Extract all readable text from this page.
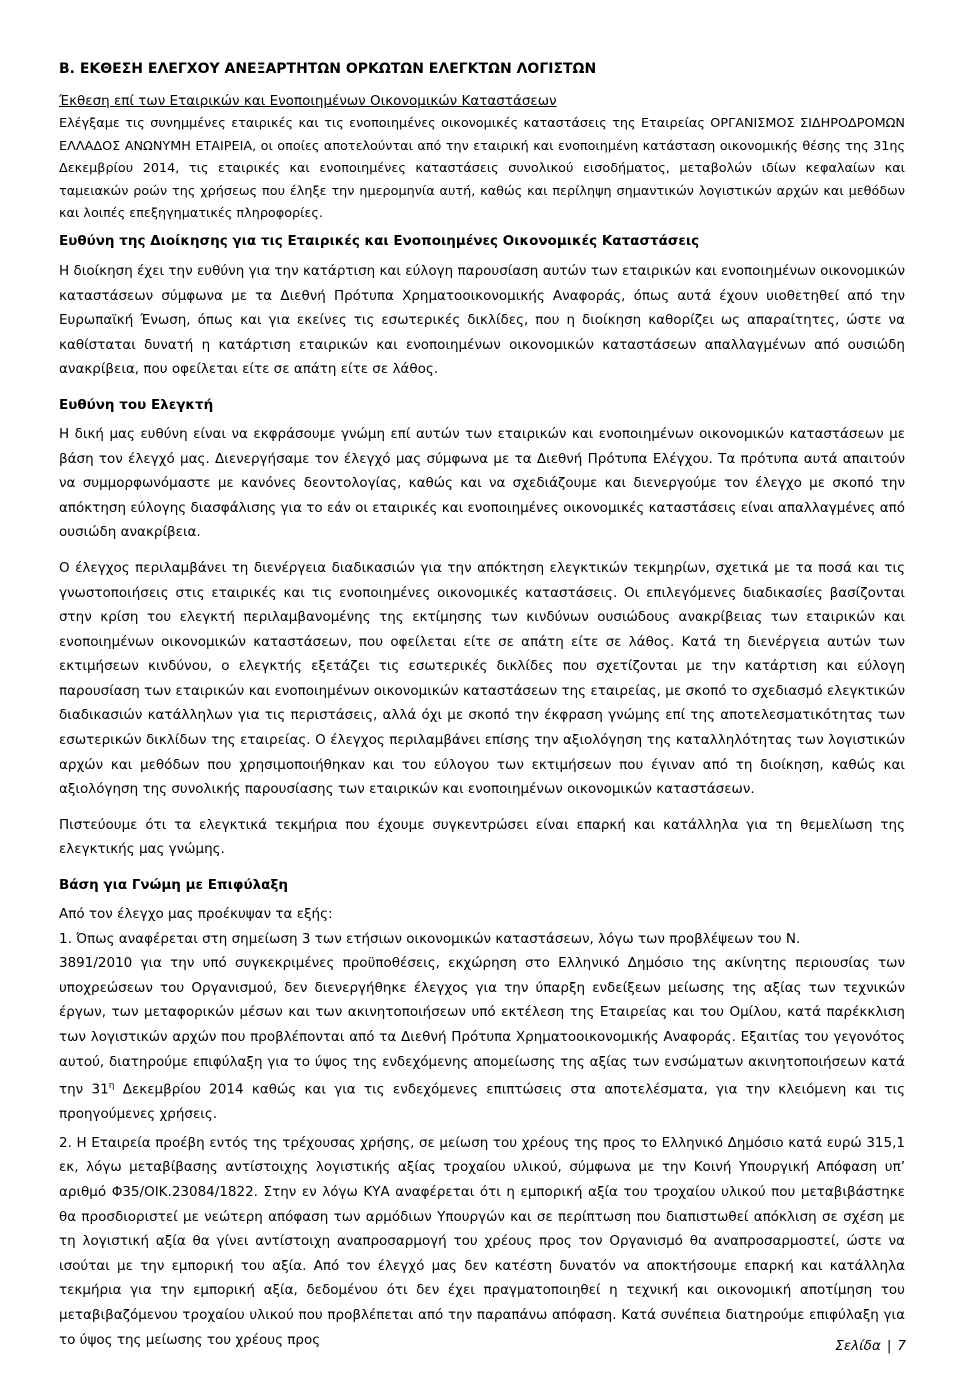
B. ΕΚΘΕΣΗ ΕΛΕΓΧΟΥ ΑΝΕΞΑΡΤΗΤΩΝ ΟΡΚΩΤΩΝ ΕΛΕΓΚΤΩΝ ΛΟΓΙΣΤΩΝ
Έκθεση επί των Εταιρικών και Ενοποιημένων Οικονομικών Καταστάσεων

Ελέγξαμε τις συνημμένες εταιρικές και τις ενοποιημένες οικονομικές καταστάσεις της Εταιρείας ΟΡΓΑΝΙΣΜΟΣ ΣΙΔΗΡΟΔΡΟΜΩΝ ΕΛΛΑΔΟΣ ΑΝΩΝΥΜΗ ΕΤΑΙΡΕΙΑ, οι οποίες αποτελούνται από την εταιρική και ενοποιημένη κατάσταση οικονομικής θέσης της 31ης Δεκεμβρίου 2014, τις εταιρικές και ενοποιημένες καταστάσεις συνολικού εισοδήματος, μεταβολών ιδίων κεφαλαίων και ταμειακών ροών της χρήσεως που έληξε την ημερομηνία αυτή, καθώς και περίληψη σημαντικών λογιστικών αρχών και μεθόδων και λοιπές επεξηγηματικές πληροφορίες.

Ευθύνη της Διοίκησης για τις Εταιρικές και Ενοποιημένες Οικονομικές Καταστάσεις

Η διοίκηση έχει την ευθύνη για την κατάρτιση και εύλογη παρουσίαση αυτών των εταιρικών και ενοποιημένων οικονομικών καταστάσεων σύμφωνα με τα Διεθνή Πρότυπα Χρηματοοικονομικής Αναφοράς, όπως αυτά έχουν υιοθετηθεί από την Ευρωπαϊκή Ένωση, όπως και για εκείνες τις εσωτερικές δικλίδες, που η διοίκηση καθορίζει ως απαραίτητες, ώστε να καθίσταται δυνατή η κατάρτιση εταιρικών και ενοποιημένων οικονομικών καταστάσεων απαλλαγμένων από ουσιώδη ανακρίβεια, που οφείλεται είτε σε απάτη είτε σε λάθος.

Ευθύνη του Ελεγκτή

Η δική μας ευθύνη είναι να εκφράσουμε γνώμη επί αυτών των εταιρικών και ενοποιημένων οικονομικών καταστάσεων με βάση τον έλεγχό μας. Διενεργήσαμε τον έλεγχό μας σύμφωνα με τα Διεθνή Πρότυπα Ελέγχου. Τα πρότυπα αυτά απαιτούν να συμμορφωνόμαστε με κανόνες δεοντολογίας, καθώς και να σχεδιάζουμε και διενεργούμε τον έλεγχο με σκοπό την απόκτηση εύλογης διασφάλισης για το εάν οι εταιρικές και ενοποιημένες οικονομικές καταστάσεις είναι απαλλαγμένες από ουσιώδη ανακρίβεια.

Ο έλεγχος περιλαμβάνει τη διενέργεια διαδικασιών για την απόκτηση ελεγκτικών τεκμηρίων, σχετικά με τα ποσά και τις γνωστοποιήσεις στις εταιρικές και τις ενοποιημένες οικονομικές καταστάσεις. Οι επιλεγόμενες διαδικασίες βασίζονται στην κρίση του ελεγκτή περιλαμβανομένης της εκτίμησης των κινδύνων ουσιώδους ανακρίβειας των εταιρικών και ενοποιημένων οικονομικών καταστάσεων, που οφείλεται είτε σε απάτη είτε σε λάθος. Κατά τη διενέργεια αυτών των εκτιμήσεων κινδύνου, ο ελεγκτής εξετάζει τις εσωτερικές δικλίδες που σχετίζονται με την κατάρτιση και εύλογη παρουσίαση των εταιρικών και ενοποιημένων οικονομικών καταστάσεων της εταιρείας, με σκοπό το σχεδιασμό ελεγκτικών διαδικασιών κατάλληλων για τις περιστάσεις, αλλά όχι με σκοπό την έκφραση γνώμης επί της αποτελεσματικότητας των εσωτερικών δικλίδων της εταιρείας. Ο έλεγχος περιλαμβάνει επίσης την αξιολόγηση της καταλληλότητας των λογιστικών αρχών και μεθόδων που χρησιμοποιήθηκαν και του εύλογου των εκτιμήσεων που έγιναν από τη διοίκηση, καθώς και αξιολόγηση της συνολικής παρουσίασης των εταιρικών και ενοποιημένων οικονομικών καταστάσεων.

Πιστεύουμε ότι τα ελεγκτικά τεκμήρια που έχουμε συγκεντρώσει είναι επαρκή και κατάλληλα για τη θεμελίωση της ελεγκτικής μας γνώμης.

Βάση για Γνώμη με Επιφύλαξη

Από τον έλεγχο μας προέκυψαν τα εξής:

1. Όπως αναφέρεται στη σημείωση 3 των ετήσιων οικονομικών καταστάσεων, λόγω των προβλέψεων του Ν.

3891/2010 για την υπό συγκεκριμένες προϋποθέσεις, εκχώρηση στο Ελληνικό Δημόσιο της ακίνητης περιουσίας των υποχρεώσεων του Οργανισμού, δεν διενεργήθηκε έλεγχος για την ύπαρξη ενδείξεων μείωσης της αξίας των τεχνικών έργων, των μεταφορικών μέσων και των ακινητοποιήσεων υπό εκτέλεση της Εταιρείας και του Ομίλου, κατά παρέκκλιση των λογιστικών αρχών που προβλέπονται από τα Διεθνή Πρότυπα Χρηματοοικονομικής Αναφοράς. Εξαιτίας του γεγονότος αυτού, διατηρούμε επιφύλαξη για το ύψος της ενδεχόμενης απομείωσης της αξίας των ενσώματων ακινητοποιήσεων κατά την $31^\eta$ Δεκεμβρίου 2014 καθώς και για τις ενδεχόμενες επιπτώσεις στα αποτελέσματα, για την κλειόμενη και τις προηγούμενες χρήσεις.

2. Η Εταιρεία προέβη εντός της τρέχουσας χρήσης, σε μείωση του χρέους της προς το Ελληνικό Δημόσιο κατά ευρώ 315,1 εκ, λόγω μεταβίβασης αντίστοιχης λογιστικής αξίας τροχαίου υλικού, σύμφωνα με την Κοινή Υπουργική Απόφαση υπ’ αριθμό Φ35/ΟΙΚ.23084/1822. Στην εν λόγω ΚΥΑ αναφέρεται ότι η εμπορική αξία του τροχαίου υλικού που μεταβιβάστηκε θα προσδιοριστεί με νεώτερη απόφαση των αρμόδιων Υπουργών και σε περίπτωση που διαπιστωθεί απόκλιση σε σχέση με τη λογιστική αξία θα γίνει αντίστοιχη αναπροσαρμογή του χρέους προς τον Οργανισμό θα αναπροσαρμοστεί, ώστε να ισούται με την εμπορική του αξία. Από τον έλεγχό μας δεν κατέστη δυνατόν να αποκτήσουμε επαρκή και κατάλληλα τεκμήρια για την εμπορική αξία, δεδομένου ότι δεν έχει πραγματοποιηθεί η τεχνική και οικονομική αποτίμηση του μεταβιβαζόμενου τροχαίου υλικού που προβλέπεται από την παραπάνω απόφαση. Κατά συνέπεια διατηρούμε επιφύλαξη για το ύψος της μείωσης του χρέους προς	Σελίδα | 7
